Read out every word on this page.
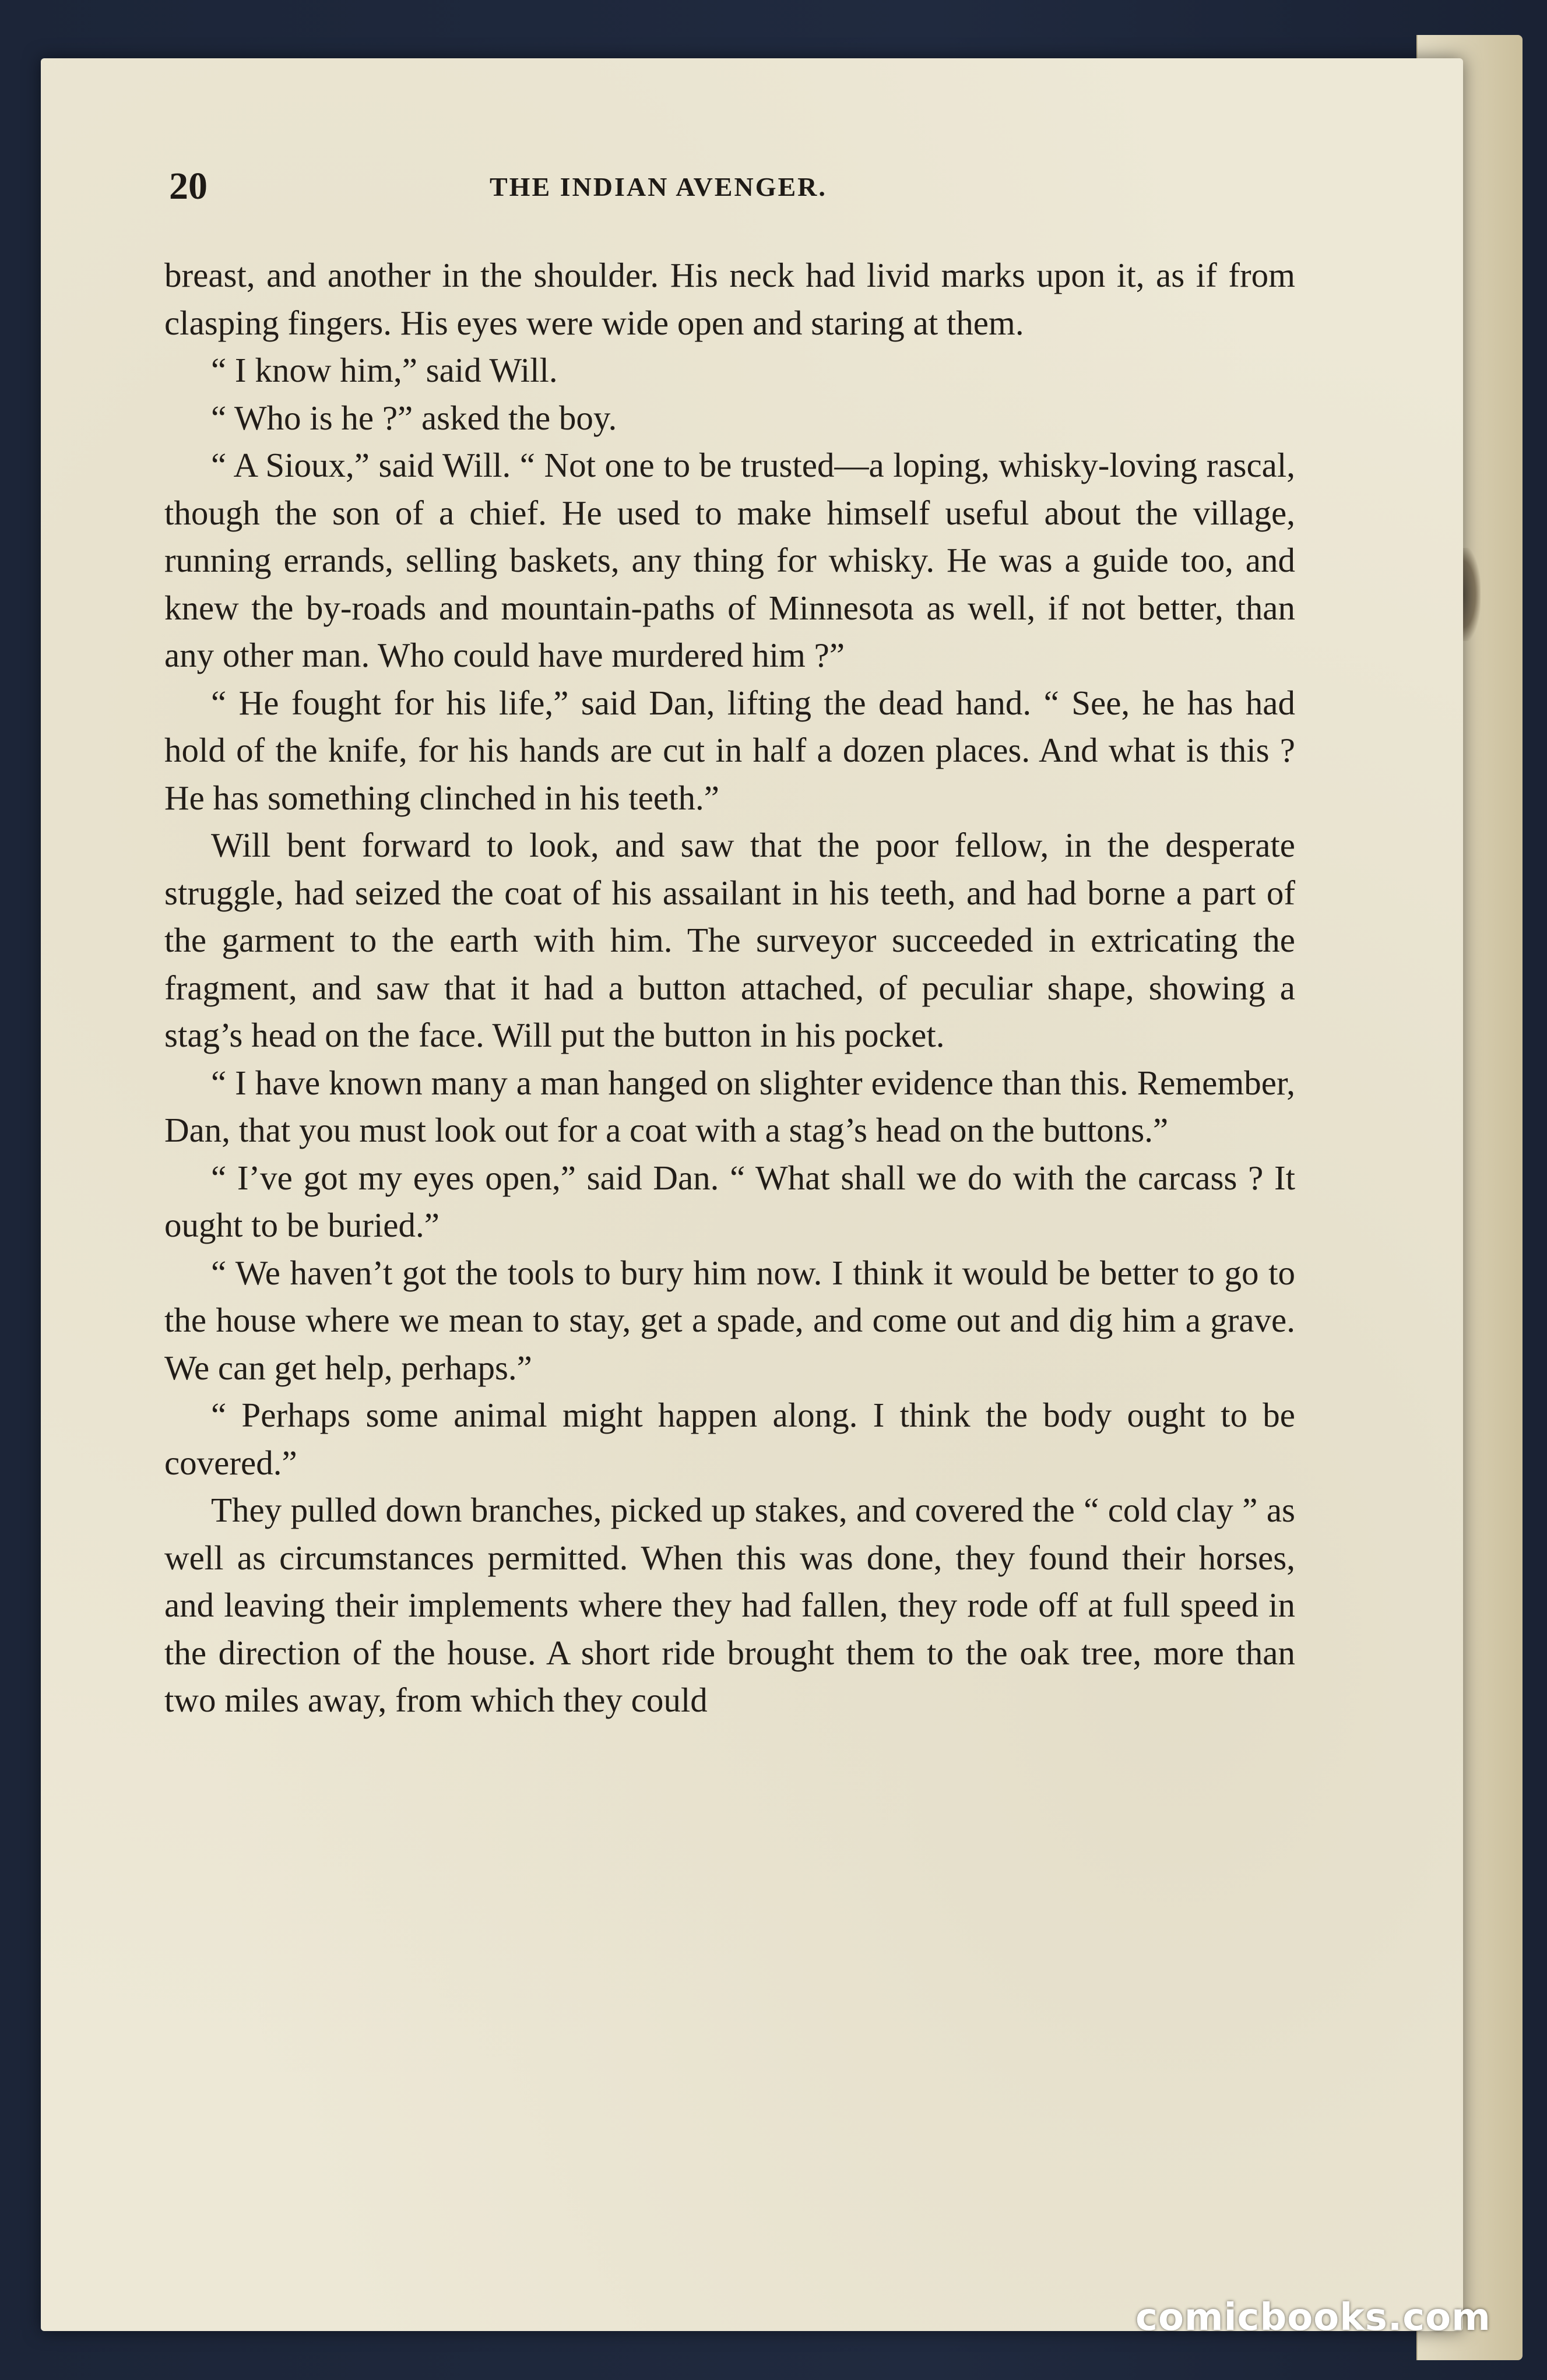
20	THE INDIAN AVENGER.

breast, and another in the shoulder. His neck had livid marks upon it, as if from clasping fingers. His eyes were wide open and staring at them.

“ I know him,” said Will.

“ Who is he ?” asked the boy.

“ A Sioux,” said Will. “ Not one to be trusted—a loping, whisky-loving rascal, though the son of a chief. He used to make himself useful about the village, running errands, selling baskets, any thing for whisky. He was a guide too, and knew the by-roads and mountain-paths of Minnesota as well, if not better, than any other man. Who could have murdered him ?”

“ He fought for his life,” said Dan, lifting the dead hand. “ See, he has had hold of the knife, for his hands are cut in half a dozen places. And what is this ? He has something clinched in his teeth.”

Will bent forward to look, and saw that the poor fellow, in the desperate struggle, had seized the coat of his assailant in his teeth, and had borne a part of the garment to the earth with him. The surveyor succeeded in extricating the fragment, and saw that it had a button attached, of peculiar shape, showing a stag’s head on the face. Will put the button in his pocket.

“ I have known many a man hanged on slighter evidence than this. Remember, Dan, that you must look out for a coat with a stag’s head on the buttons.”

“ I’ve got my eyes open,” said Dan. “ What shall we do with the carcass ? It ought to be buried.”

“ We haven’t got the tools to bury him now. I think it would be better to go to the house where we mean to stay, get a spade, and come out and dig him a grave. We can get help, perhaps.”

“ Perhaps some animal might happen along. I think the body ought to be covered.”

They pulled down branches, picked up stakes, and covered the “ cold clay ” as well as circumstances permitted. When this was done, they found their horses, and leaving their implements where they had fallen, they rode off at full speed in the direction of the house. A short ride brought them to the oak tree, more than two miles away, from which they could

comicbooks.com
